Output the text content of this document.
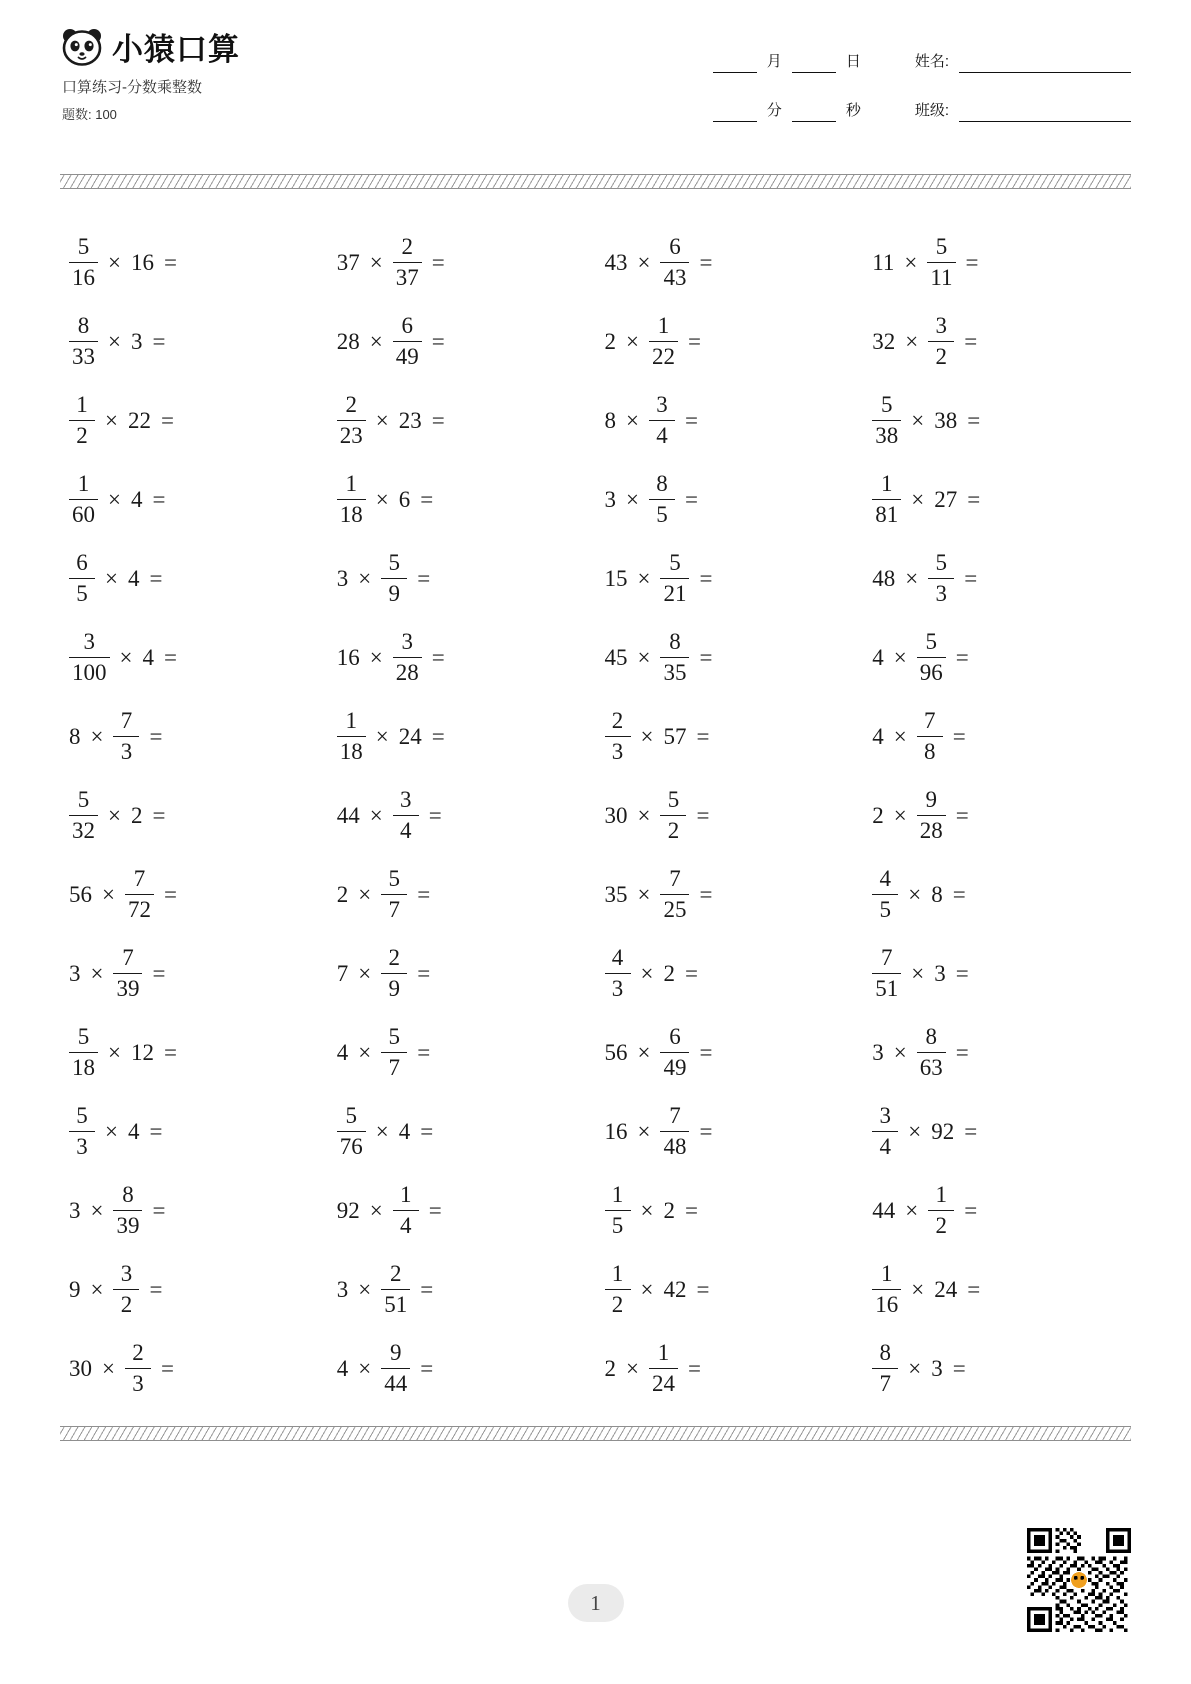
小猿口算
口算练习-分数乘整数
题数: 100
月	日	姓名:
分	秒	班级:
$\frac{5}{16} \times 16$ =	$37 \times \frac{2}{37}$ =	$43 \times \frac{6}{43}$ =	$11 \times \frac{5}{11}$ =
$\frac{8}{33} \times 3$ =	$28 \times \frac{6}{49}$ =	$2 \times \frac{1}{22}$ =	$32 \times \frac{3}{2}$ =
$\frac{1}{2} \times 22$ =	$\frac{2}{23} \times 23$ =	$8 \times \frac{3}{4}$ =	$\frac{5}{38} \times 38$ =
$\frac{1}{60} \times 4$ =	$\frac{1}{18} \times 6$ =	$3 \times \frac{8}{5}$ =	$\frac{1}{81} \times 27$ =
$\frac{6}{5} \times 4$ =	$3 \times \frac{5}{9}$ =	$15 \times \frac{5}{21}$ =	$48 \times \frac{5}{3}$ =
$\frac{3}{100} \times 4$ =	$16 \times \frac{3}{28}$ =	$45 \times \frac{8}{35}$ =	$4 \times \frac{5}{96}$ =
$8 \times \frac{7}{3}$ =	$\frac{1}{18} \times 24$ =	$\frac{2}{3} \times 57$ =	$4 \times \frac{7}{8}$ =
$\frac{5}{32} \times 2$ =	$44 \times \frac{3}{4}$ =	$30 \times \frac{5}{2}$ =	$2 \times \frac{9}{28}$ =
$56 \times \frac{7}{72}$ =	$2 \times \frac{5}{7}$ =	$35 \times \frac{7}{25}$ =	$\frac{4}{5} \times 8$ =
$3 \times \frac{7}{39}$ =	$7 \times \frac{2}{9}$ =	$\frac{4}{3} \times 2$ =	$\frac{7}{51} \times 3$ =
$\frac{5}{18} \times 12$ =	$4 \times \frac{5}{7}$ =	$56 \times \frac{6}{49}$ =	$3 \times \frac{8}{63}$ =
$\frac{5}{3} \times 4$ =	$\frac{5}{76} \times 4$ =	$16 \times \frac{7}{48}$ =	$\frac{3}{4} \times 92$ =
$3 \times \frac{8}{39}$ =	$92 \times \frac{1}{4}$ =	$\frac{1}{5} \times 2$ =	$44 \times \frac{1}{2}$ =
$9 \times \frac{3}{2}$ =	$3 \times \frac{2}{51}$ =	$\frac{1}{2} \times 42$ =	$\frac{1}{16} \times 24$ =
$30 \times \frac{2}{3}$ =	$4 \times \frac{9}{44}$ =	$2 \times \frac{1}{24}$ =	$\frac{8}{7} \times 3$ =
1
